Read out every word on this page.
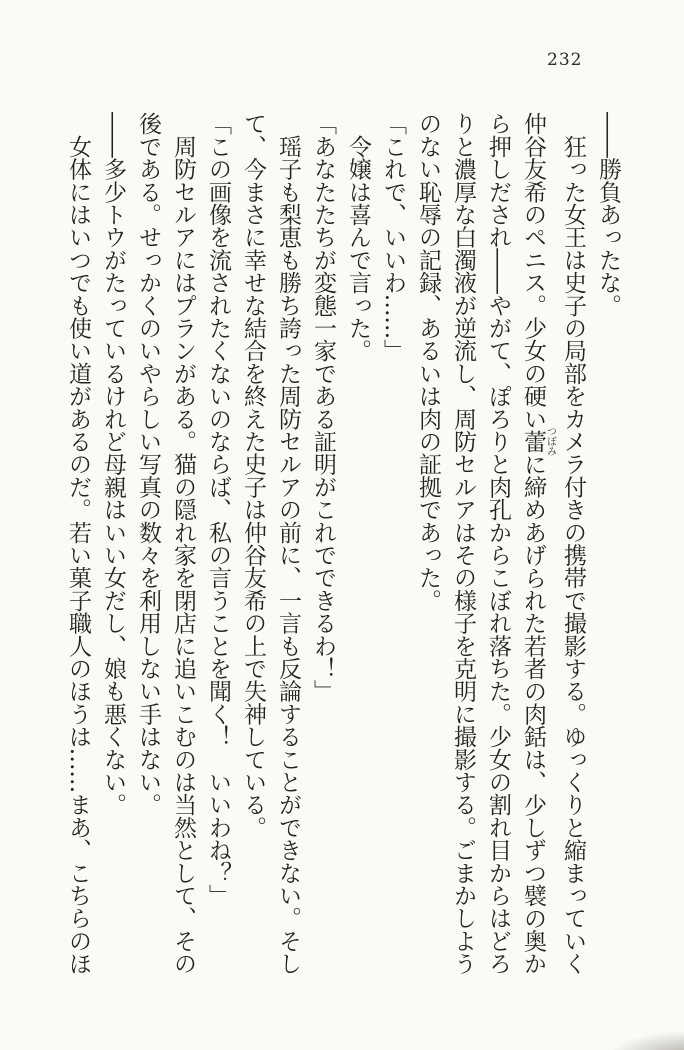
232
――勝負あったな。
　狂った女王は史子の局部をカメラ付きの携帯で撮影する。ゆっくりと縮まっていく
仲谷友希のペニス。少女の硬い蕾つぼみに締めあげられた若者の肉銛は、少しずつ襞の奥か
ら押しだされ――やがて、ぽろりと肉孔からこぼれ落ちた。少女の割れ目からはどろ
りと濃厚な白濁液が逆流し、周防セルアはその様子を克明に撮影する。ごまかしよう
のない恥辱の記録、あるいは肉の証拠であった。
「これで、いいわ……」
　令嬢は喜んで言った。
「あなたたちが変態一家である証明がこれでできるわ！」
　瑶子も梨恵も勝ち誇った周防セルアの前に、一言も反論することができない。そし
て、今まさに幸せな結合を終えた史子は仲谷友希の上で失神している。
「この画像を流されたくないのならば、私の言うことを聞く！　いいわね？」
　周防セルアにはプランがある。猫の隠れ家を閉店に追いこむのは当然として、その
後である。せっかくのいやらしい写真の数々を利用しない手はない。
――多少トウがたっているけれど母親はいい女だし、娘も悪くない。
　女体にはいつでも使い道があるのだ。若い菓子職人のほうは……まあ、こちらのほ
